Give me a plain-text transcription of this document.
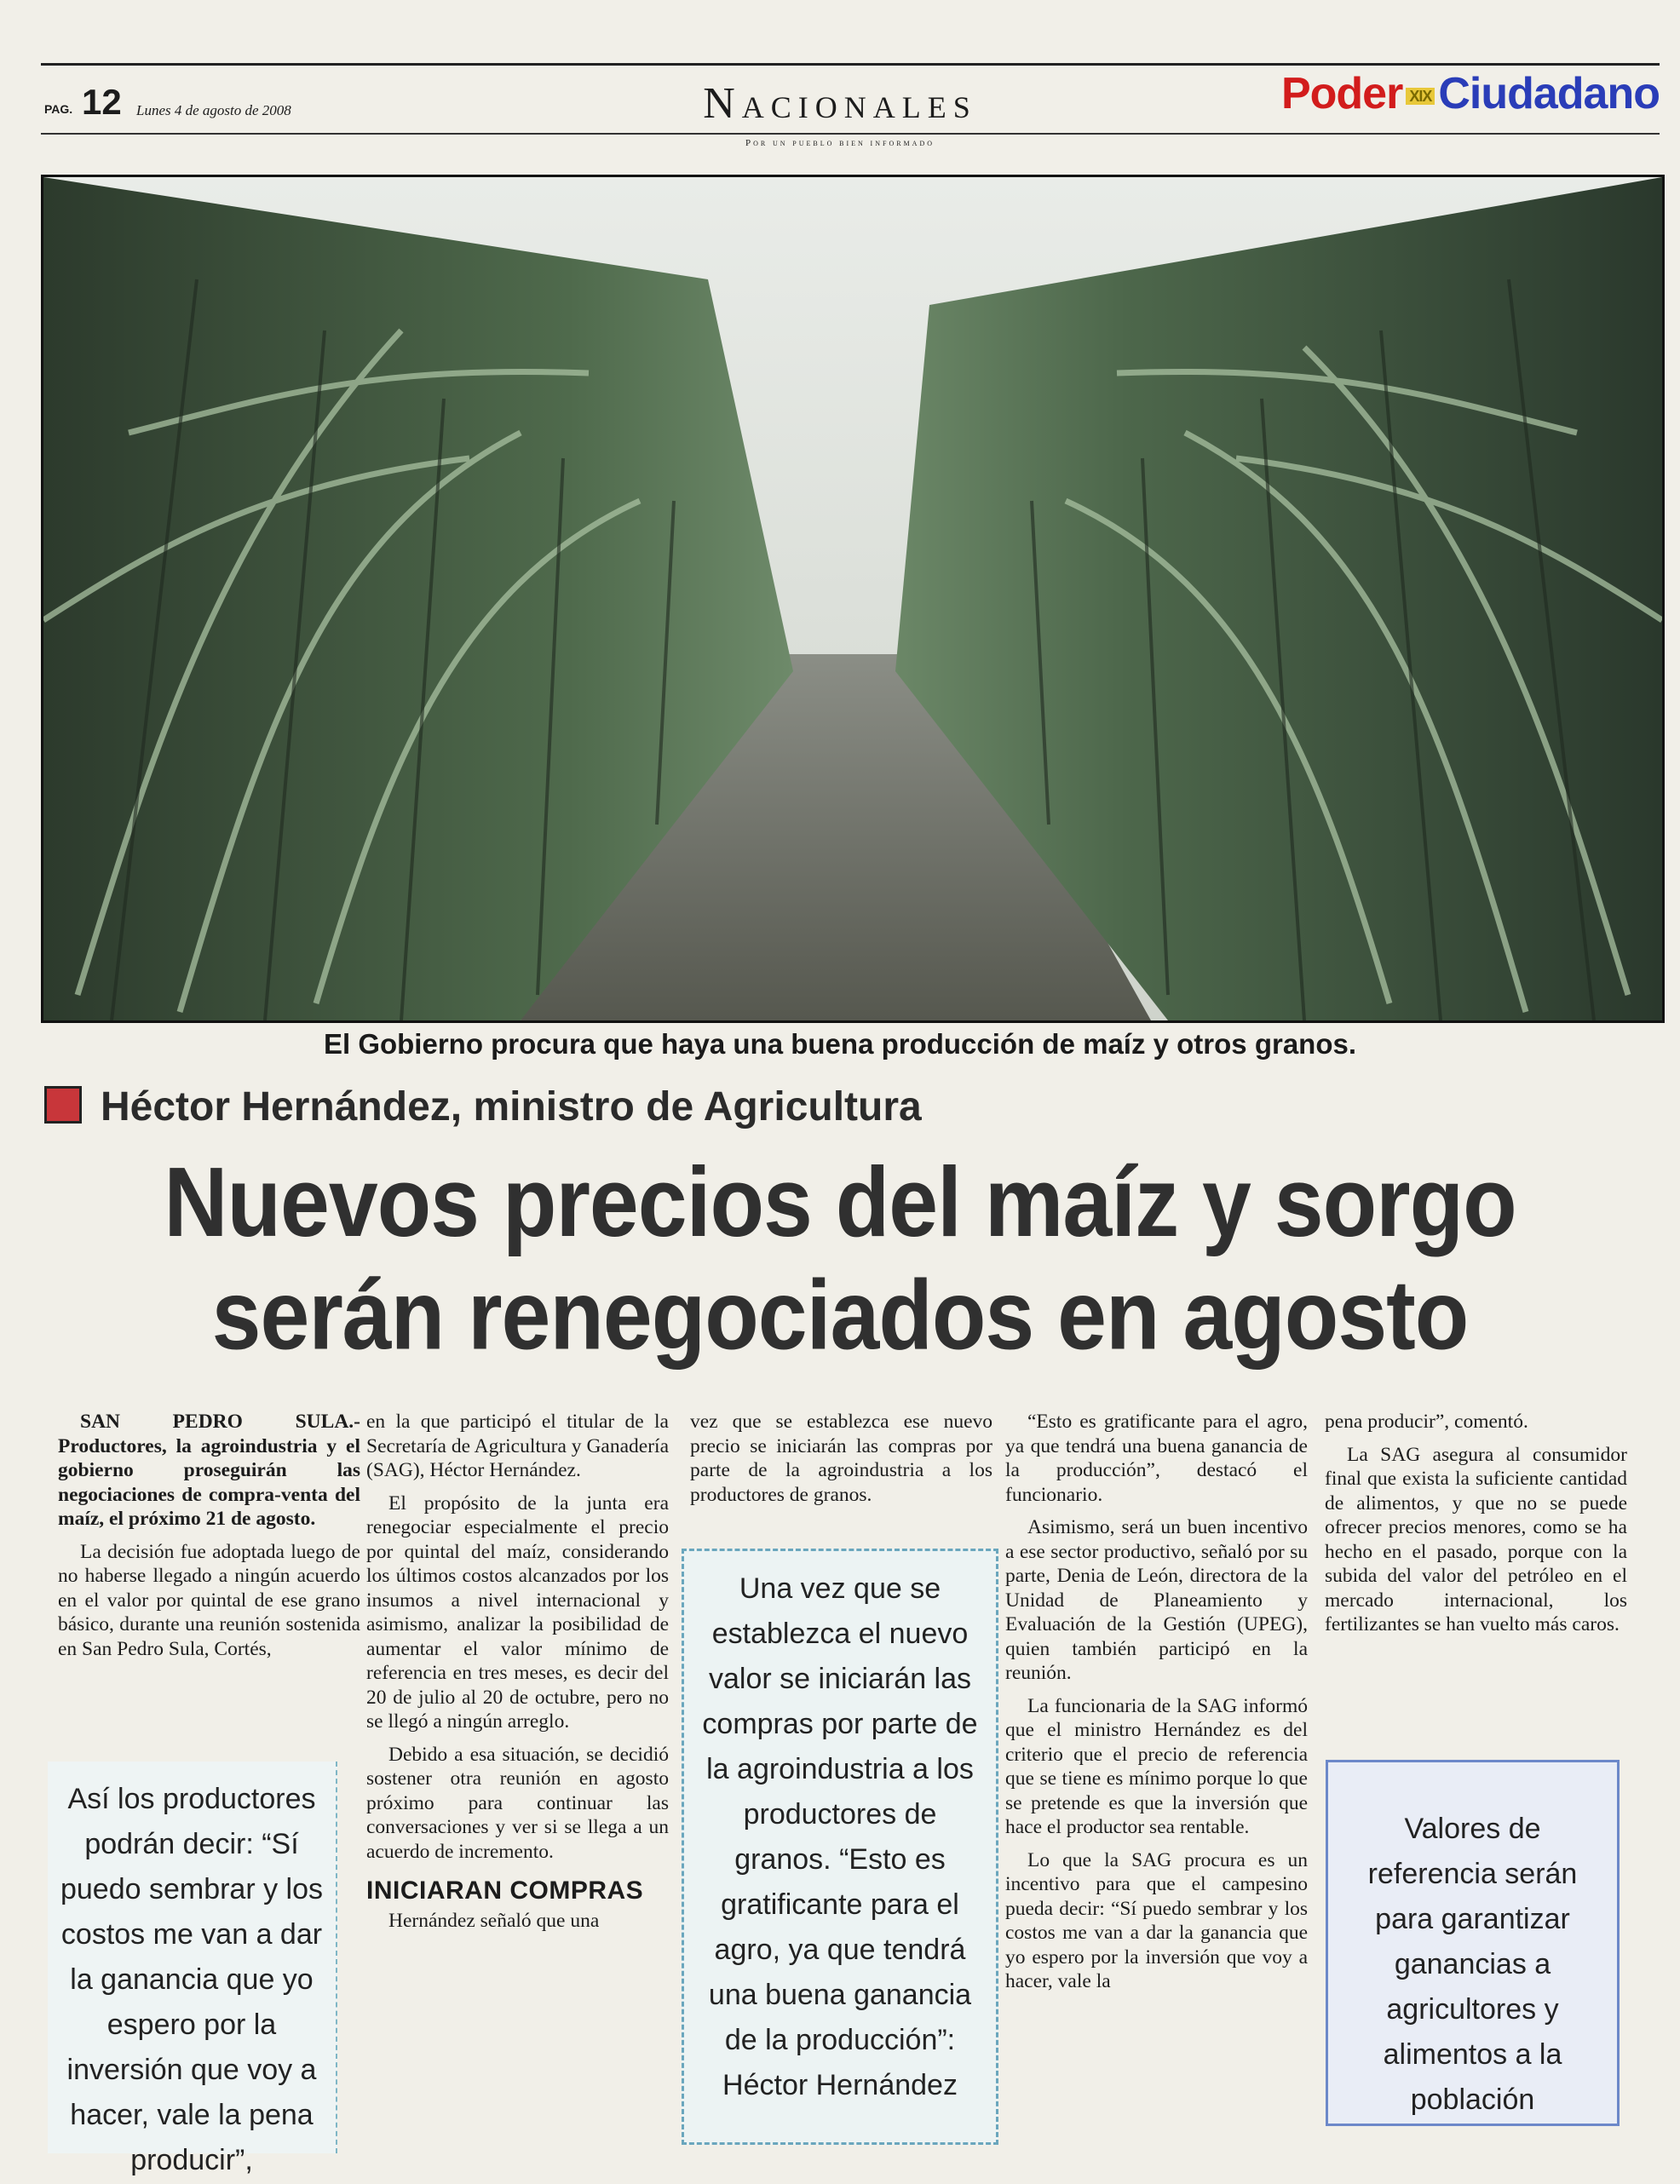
PAG. 12 Lunes 4 de agosto de 2008	Nacionales
Por un pueblo bien informado
Poder XIX Ciudadano
El Gobierno procura que haya una buena producción de maíz y otros granos.
Héctor Hernández, ministro de Agricultura
Nuevos precios del maíz y sorgo
serán renegociados en agosto

SAN PEDRO SULA.- Productores, la agroindustria y el gobierno proseguirán las negociaciones de compra-venta del maíz, el próximo 21 de agosto.

La decisión fue adoptada luego de no haberse llegado a ningún acuerdo en el valor por quintal de ese grano básico, durante una reunión sostenida en San Pedro Sula, Cortés,

en la que participó el titular de la Secretaría de Agricultura y Ganadería (SAG), Héctor Hernández.

El propósito de la junta era renegociar especialmente el precio por quintal del maíz, considerando los últimos costos alcanzados por los insumos a nivel internacional y asimismo, analizar la posibilidad de aumentar el valor mínimo de referencia en tres meses, es decir del 20 de julio al 20 de octubre, pero no se llegó a ningún arreglo.

Debido a esa situación, se decidió sostener otra reunión en agosto próximo para continuar las conversaciones y ver si se llega a un acuerdo de incremento.

INICIARAN COMPRAS

Hernández señaló que una

vez que se establezca ese nuevo precio se iniciarán las compras por parte de la agroindustria a los productores de granos.

“Esto es gratificante para el agro, ya que tendrá una buena ganancia de la producción”, destacó el funcionario.

Asimismo, será un buen incentivo a ese sector productivo, señaló por su parte, Denia de León, directora de la Unidad de Planeamiento y Evaluación de la Gestión (UPEG), quien también participó en la reunión.

La funcionaria de la SAG informó que el ministro Hernández es del criterio que el precio de referencia que se tiene es mínimo porque lo que se pretende es que la inversión que hace el productor sea rentable.

Lo que la SAG procura es un incentivo para que el campesino pueda decir: “Sí puedo sembrar y los costos me van a dar la ganancia que yo espero por la inversión que voy a hacer, vale la

pena producir”, comentó.

La SAG asegura al consumidor final que exista la suficiente cantidad de alimentos, y que no se puede ofrecer precios menores, como se ha hecho en el pasado, porque con la subida del valor del petróleo en el mercado internacional, los fertilizantes se han vuelto más caros.

Así los productores podrán decir: “Sí puedo sembrar y los costos me van a dar la ganancia que yo espero por la inversión que voy a hacer, vale la pena producir”,
Una vez que se establezca el nuevo valor se iniciarán las compras por parte de la agroindustria a los productores de granos. “Esto es gratificante para el agro, ya que tendrá una buena ganancia de la producción”: Héctor Hernández
Valores de referencia serán para garantizar ganancias a agricultores y alimentos a la población
